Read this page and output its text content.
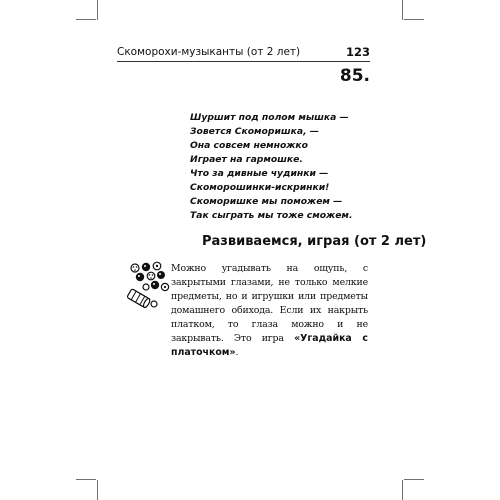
Скоморохи-музыканты (от 2 лет)	123
85.
Шуршит под полом мышка —
Зовется Скоморишка, —
Она совсем немножко
Играет на гармошке.
Что за дивные чудинки —
Скоморошинки-искринки!
Скоморишке мы поможем —
Так сыграть мы тоже сможем.
Развиваемся, играя (от 2 лет)

Можно угадывать на ощупь, с закрытыми глазами, не только мелкие предметы, но и игрушки или предметы домашнего обихода. Если их накрыть платком, то глаза можно и не закрывать. Это игра «Угадайка с платочком».
